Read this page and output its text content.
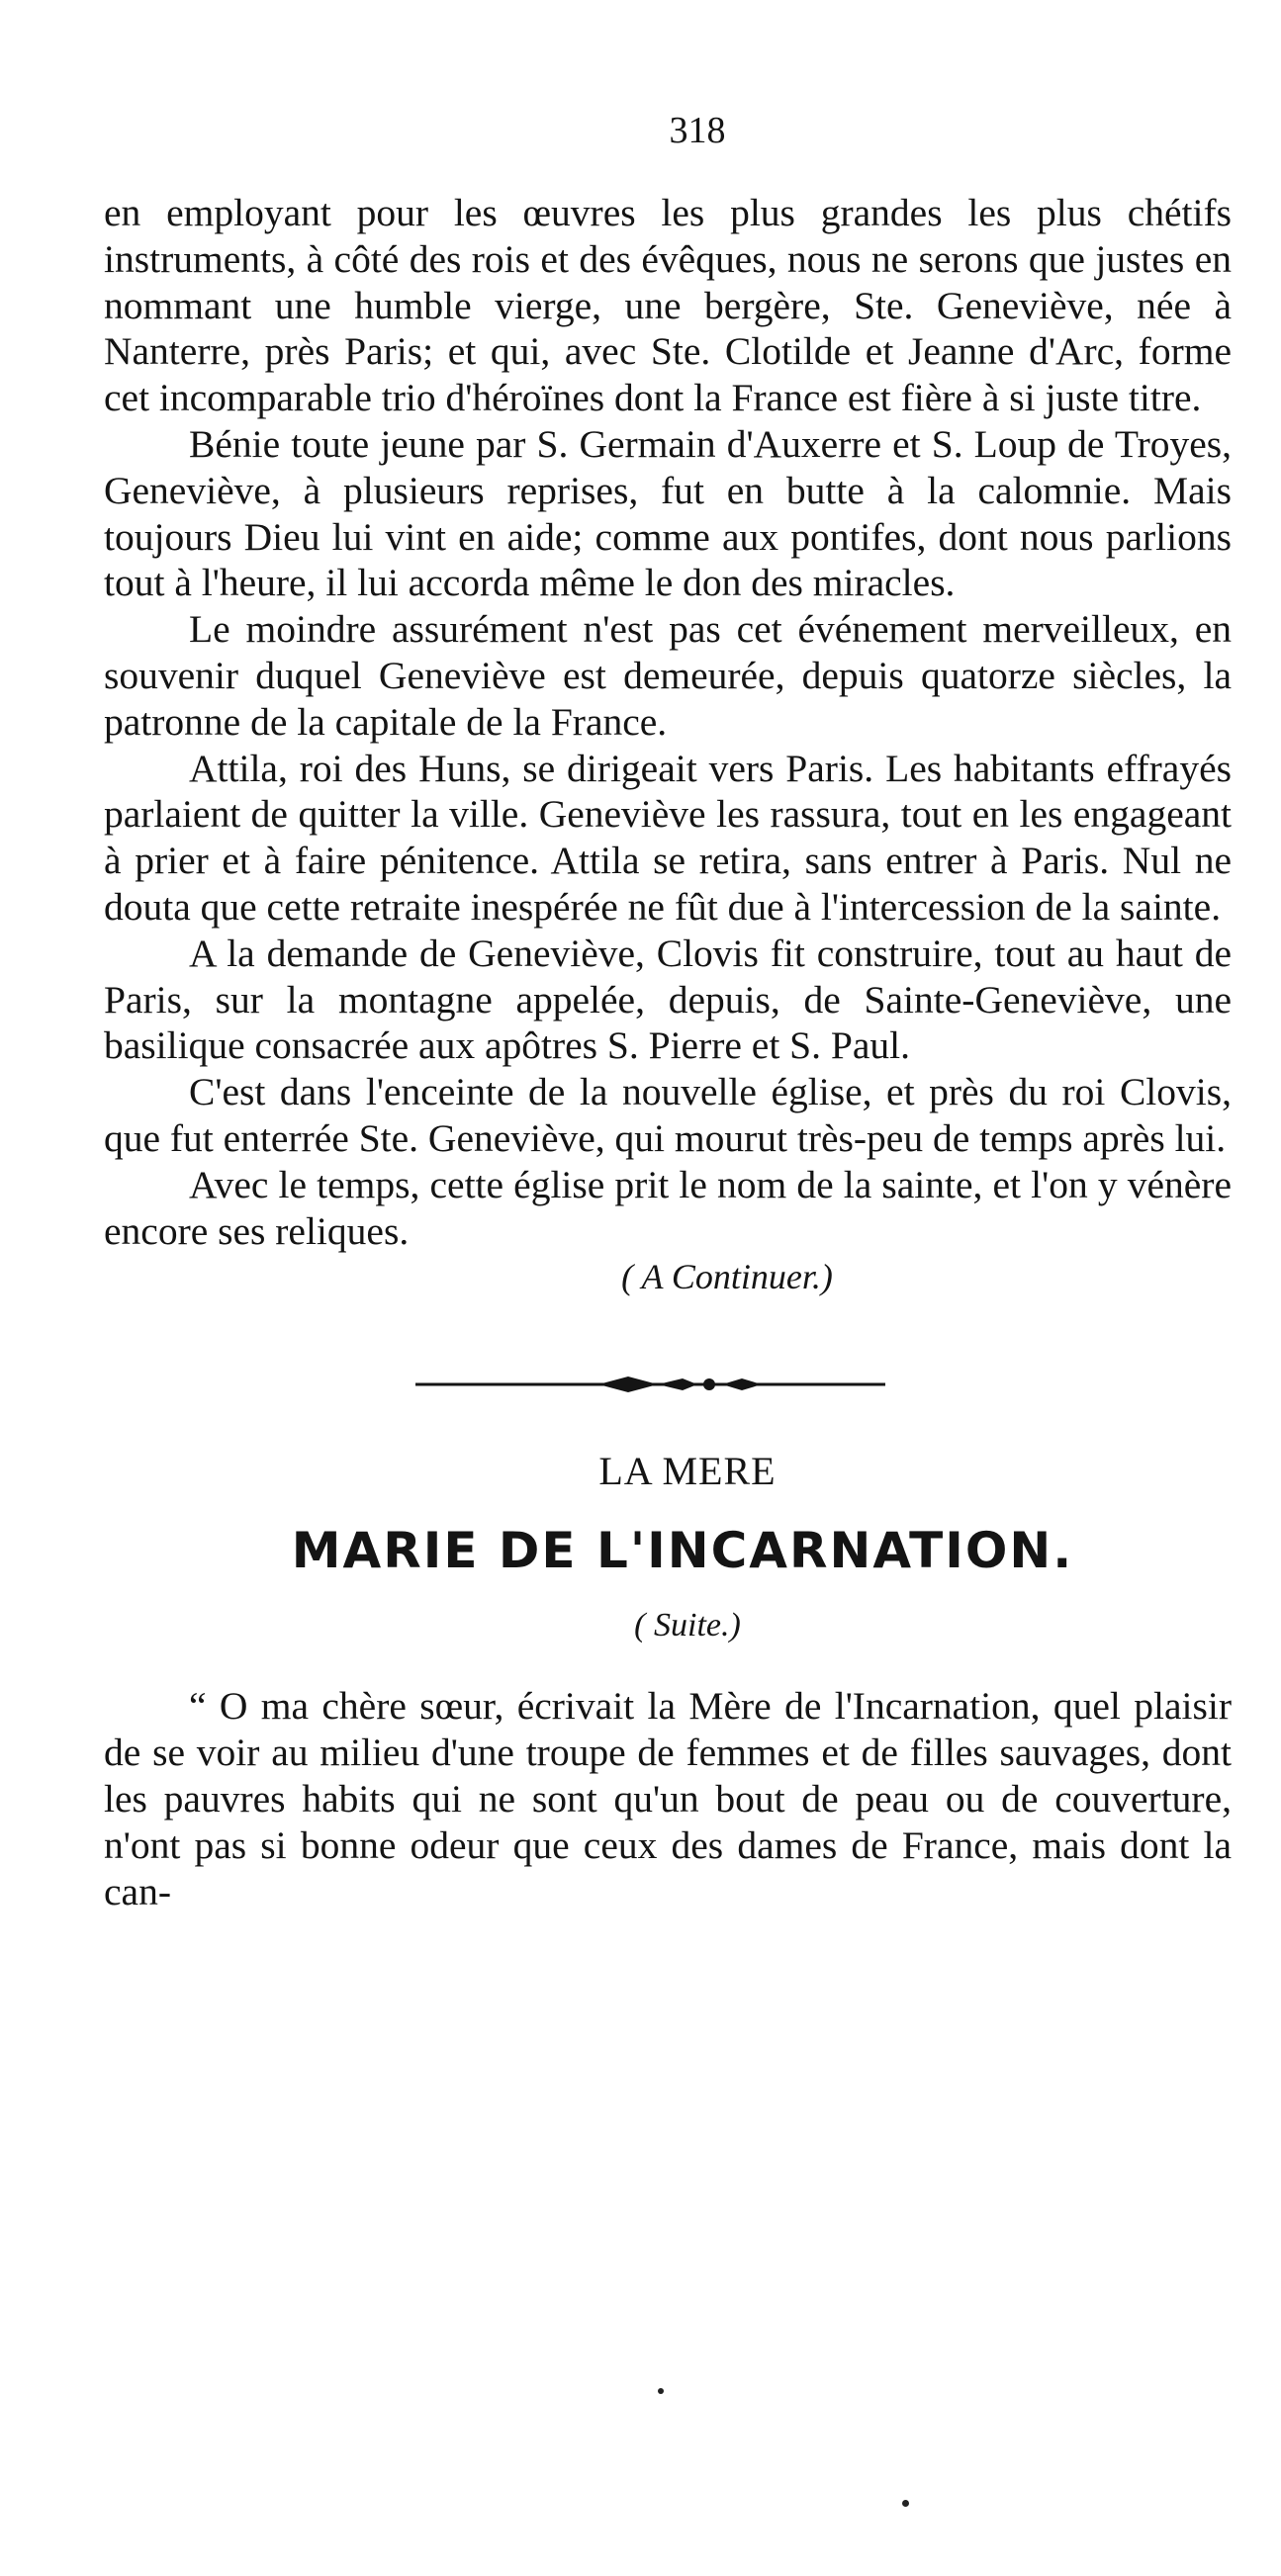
318

en employant pour les œuvres les plus grandes les plus chétifs instruments, à côté des rois et des évêques, nous ne serons que justes en nommant une humble vierge, une bergère, Ste. Geneviève, née à Nanterre, près Paris; et qui, avec Ste. Clotilde et Jeanne d'Arc, forme cet incomparable trio d'héroïnes dont la France est fière à si juste titre.

Bénie toute jeune par S. Germain d'Auxerre et S. Loup de Troyes, Geneviève, à plusieurs reprises, fut en butte à la calomnie. Mais toujours Dieu lui vint en aide; comme aux pontifes, dont nous parlions tout à l'heure, il lui accorda même le don des miracles.

Le moindre assurément n'est pas cet événement merveilleux, en souvenir duquel Geneviève est demeurée, depuis quatorze siècles, la patronne de la capitale de la France.

Attila, roi des Huns, se dirigeait vers Paris. Les habitants effrayés parlaient de quitter la ville. Geneviève les rassura, tout en les engageant à prier et à faire pénitence. Attila se retira, sans entrer à Paris. Nul ne douta que cette retraite inespérée ne fût due à l'intercession de la sainte.

A la demande de Geneviève, Clovis fit construire, tout au haut de Paris, sur la montagne appelée, depuis, de Sainte-Geneviève, une basilique consacrée aux apôtres S. Pierre et S. Paul.

C'est dans l'enceinte de la nouvelle église, et près du roi Clovis, que fut enterrée Ste. Geneviève, qui mourut très-peu de temps après lui.

Avec le temps, cette église prit le nom de la sainte, et l'on y vénère encore ses reliques.

( A Continuer.)
LA MERE
MARIE DE L'INCARNATION.
( Suite.)

“ O ma chère sœur, écrivait la Mère de l'Incarnation, quel plaisir de se voir au milieu d'une troupe de femmes et de filles sauvages, dont les pauvres habits qui ne sont qu'un bout de peau ou de couverture, n'ont pas si bonne odeur que ceux des dames de France, mais dont la can-
